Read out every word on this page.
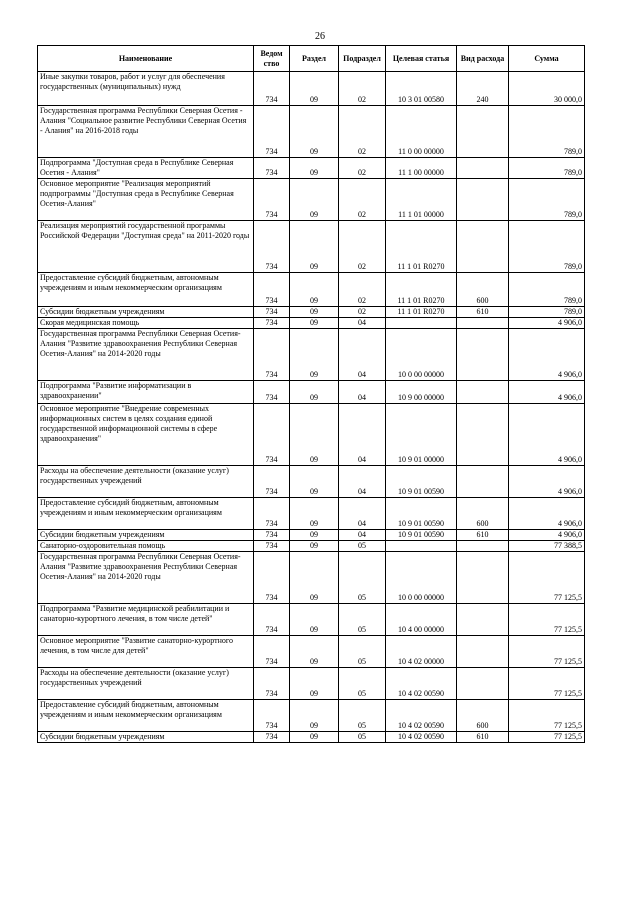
26
Наименование	Ведом ство	Раздел	Подраздел	Целевая статья	Вид расхода	Сумма
Иные закупки товаров, работ и услуг для обеспечения государственных (муниципальных) нужд	734	09	02	10 3 01 00580	240	30 000,0
Государственная программа Республики Северная Осетия - Алания "Социальное развитие Республики Северная Осетия - Алания" на 2016-2018 годы	734	09	02	11 0 00 00000		789,0
Подпрограмма "Доступная среда в Республике Северная Осетия - Алания"	734	09	02	11 1 00 00000		789,0
Основное мероприятие "Реализация мероприятий подпрограммы "Доступная среда в Республике Северная Осетия-Алания"	734	09	02	11 1 01 00000		789,0
Реализация мероприятий государственной программы Российской Федерации "Доступная среда" на 2011-2020 годы	734	09	02	11 1 01 R0270		789,0
Предоставление субсидий бюджетным, автономным учреждениям и иным некоммерческим организациям	734	09	02	11 1 01 R0270	600	789,0
Субсидии бюджетным учреждениям	734	09	02	11 1 01 R0270	610	789,0
Скорая медицинская помощь	734	09	04			4 906,0
Государственная программа Республики Северная Осетия-Алания "Развитие здравоохранения Республики Северная Осетия-Алания" на 2014-2020 годы	734	09	04	10 0 00 00000		4 906,0
Подпрограмма "Развитие информатизации в здравоохранении"	734	09	04	10 9 00 00000		4 906,0
Основное мероприятие "Внедрение современных информационных систем в целях создания единой государственной информационной системы в сфере здравоохранения"	734	09	04	10 9 01 00000		4 906,0
Расходы на обеспечение деятельности (оказание услуг) государственных учреждений	734	09	04	10 9 01 00590		4 906,0
Предоставление субсидий бюджетным, автономным учреждениям и иным некоммерческим организациям	734	09	04	10 9 01 00590	600	4 906,0
Субсидии бюджетным учреждениям	734	09	04	10 9 01 00590	610	4 906,0
Санаторно-оздоровительная помощь	734	09	05			77 388,5
Государственная программа Республики Северная Осетия-Алания "Развитие здравоохранения Республики Северная Осетия-Алания" на 2014-2020 годы	734	09	05	10 0 00 00000		77 125,5
Подпрограмма "Развитие медицинской реабилитации и санаторно-курортного лечения, в том числе детей"	734	09	05	10 4 00 00000		77 125,5
Основное мероприятие "Развитие санаторно-курортного лечения, в том числе для детей"	734	09	05	10 4 02 00000		77 125,5
Расходы на обеспечение деятельности (оказание услуг) государственных учреждений	734	09	05	10 4 02 00590		77 125,5
Предоставление субсидий бюджетным, автономным учреждениям и иным некоммерческим организациям	734	09	05	10 4 02 00590	600	77 125,5
Субсидии бюджетным учреждениям	734	09	05	10 4 02 00590	610	77 125,5
